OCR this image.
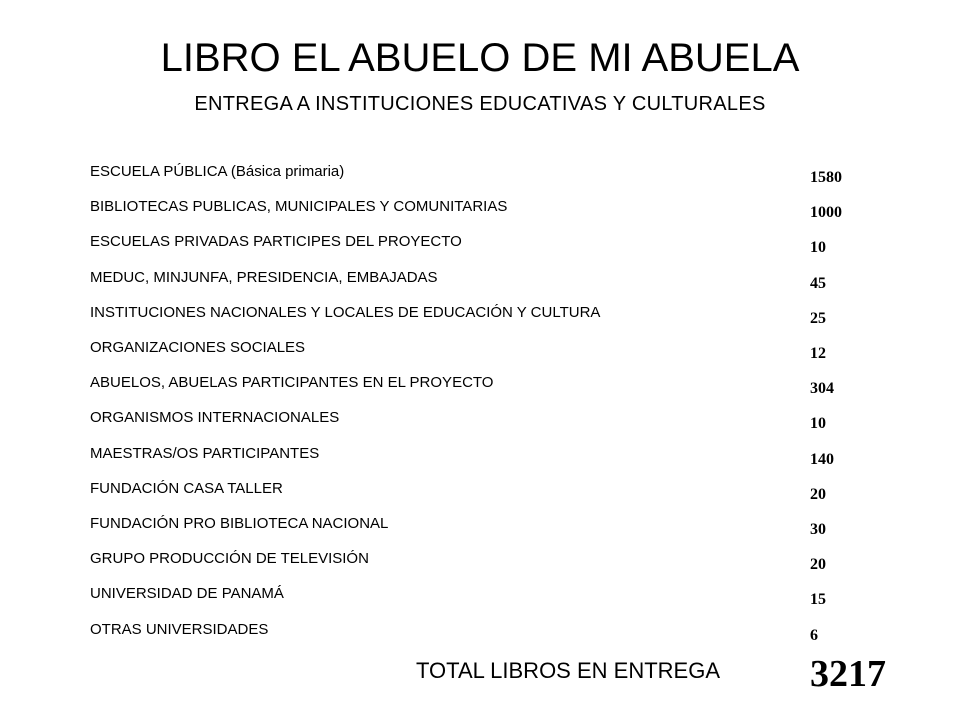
LIBRO EL ABUELO DE MI ABUELA
ENTREGA A INSTITUCIONES EDUCATIVAS Y CULTURALES
ESCUELA PÚBLICA (Básica primaria)	1580
BIBLIOTECAS PUBLICAS, MUNICIPALES Y COMUNITARIAS	1000
ESCUELAS PRIVADAS PARTICIPES DEL PROYECTO	10
MEDUC, MINJUNFA, PRESIDENCIA, EMBAJADAS	45
INSTITUCIONES NACIONALES Y LOCALES DE EDUCACIÓN Y CULTURA	25
ORGANIZACIONES SOCIALES	12
ABUELOS, ABUELAS PARTICIPANTES EN EL PROYECTO	304
ORGANISMOS INTERNACIONALES	10
MAESTRAS/OS PARTICIPANTES	140
FUNDACIÓN CASA TALLER	20
FUNDACIÓN PRO BIBLIOTECA NACIONAL	30
GRUPO PRODUCCIÓN DE TELEVISIÓN	20
UNIVERSIDAD DE PANAMÁ	15
OTRAS UNIVERSIDADES	6
TOTAL LIBROS EN ENTREGA 3217
